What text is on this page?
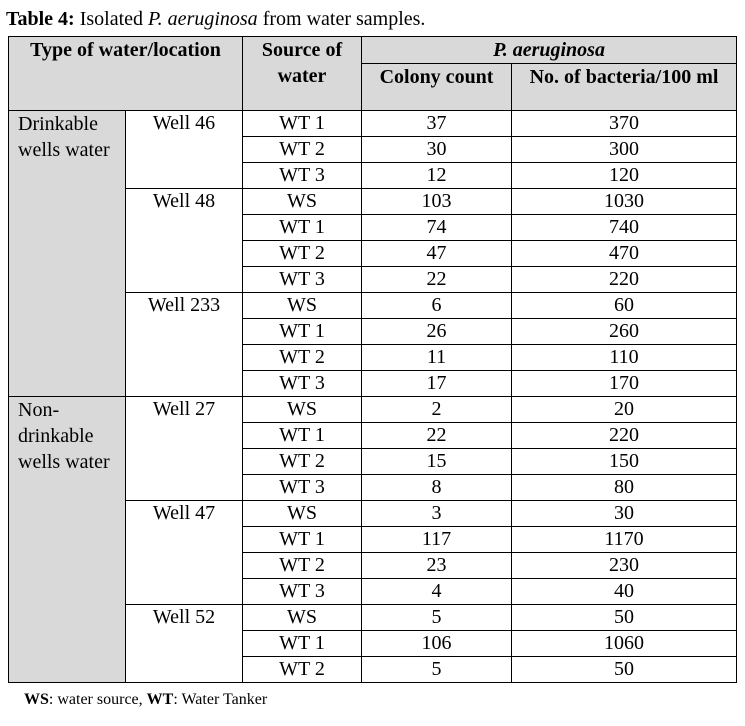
Table 4: Isolated P. aeruginosa from water samples.
Type of water/location		Source of water	P. aeruginosa	
			Colony count	No. of bacteria/100 ml
Drinkable wells water	Well 46	WT 1	37	370
		WT 2	30	300
		WT 3	12	120
	Well 48	WS	103	1030
		WT 1	74	740
		WT 2	47	470
		WT 3	22	220
	Well 233	WS	6	60
		WT 1	26	260
		WT 2	11	110
		WT 3	17	170
Non-drinkable wells water	Well 27	WS	2	20
		WT 1	22	220
		WT 2	15	150
		WT 3	8	80
	Well 47	WS	3	30
		WT 1	117	1170
		WT 2	23	230
		WT 3	4	40
	Well 52	WS	5	50
		WT 1	106	1060
		WT 2	5	50
WS: water source, WT: Water Tanker
